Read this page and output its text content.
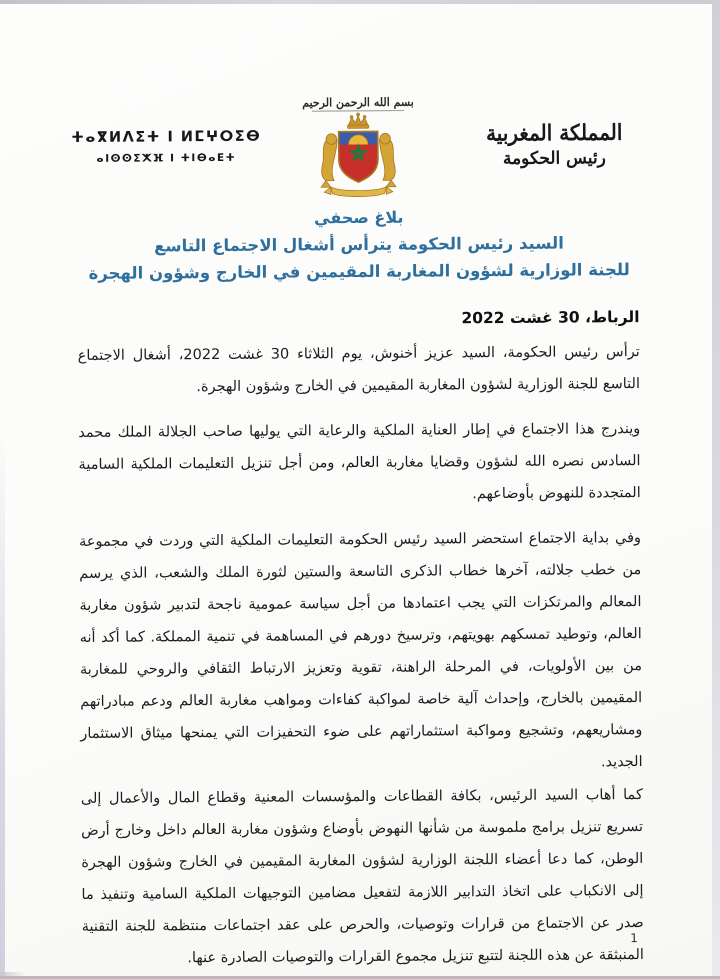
ⵜⴰⴳⵍⴷⵉⵜ ⵏ ⵍⵎⵖⵔⵉⴱ
ⴰⵏⵙⵙⵉⵅⴼ ⵏ ⵜⵏⴱⴰⴹⵜ
بسم الله الرحمن الرحيم
المملكة المغربية
رئيس الحكومة
بلاغ صحفي
السيد رئيس الحكومة يترأس أشغال الاجتماع التاسع
للجنة الوزارية لشؤون المغاربة المقيمين في الخارج وشؤون الهجرة
الرباط، 30 غشت 2022

ترأس رئيس الحكومة، السيد عزيز أخنوش، يوم الثلاثاء 30 غشت 2022، أشغال الاجتماع التاسع للجنة الوزارية لشؤون المغاربة المقيمين في الخارج وشؤون الهجرة.

ويندرج هذا الاجتماع في إطار العناية الملكية والرعاية التي يوليها صاحب الجلالة الملك محمد السادس نصره الله لشؤون وقضايا مغاربة العالم، ومن أجل تنزيل التعليمات الملكية السامية المتجددة للنهوض بأوضاعهم.

وفي بداية الاجتماع استحضر السيد رئيس الحكومة التعليمات الملكية التي وردت في مجموعة من خطب جلالته، آخرها خطاب الذكرى التاسعة والستين لثورة الملك والشعب، الذي يرسم المعالم والمرتكزات التي يجب اعتمادها من أجل سياسة عمومية ناجحة لتدبير شؤون مغاربة العالم، وتوطيد تمسكهم بهويتهم، وترسيخ دورهم في المساهمة في تنمية المملكة. كما أكد أنه من بين الأولويات، في المرحلة الراهنة، تقوية وتعزيز الارتباط الثقافي والروحي للمغاربة المقيمين بالخارج، وإحداث آلية خاصة لمواكبة كفاءات ومواهب مغاربة العالم ودعم مبادراتهم ومشاريعهم، وتشجيع ومواكبة استثماراتهم على ضوء التحفيزات التي يمنحها ميثاق الاستثمار الجديد.

كما أهاب السيد الرئيس، بكافة القطاعات والمؤسسات المعنية وقطاع المال والأعمال إلى تسريع تنزيل برامج ملموسة من شأنها النهوض بأوضاع وشؤون مغاربة العالم داخل وخارج أرض الوطن، كما دعا أعضاء اللجنة الوزارية لشؤون المغاربة المقيمين في الخارج وشؤون الهجرة إلى الانكباب على اتخاذ التدابير اللازمة لتفعيل مضامين التوجيهات الملكية السامية وتنفيذ ما صدر عن الاجتماع من قرارات وتوصيات، والحرص على عقد اجتماعات منتظمة للجنة التقنية المنبثقة عن هذه اللجنة لتتبع تنزيل مجموع القرارات والتوصيات الصادرة عنها.

1
